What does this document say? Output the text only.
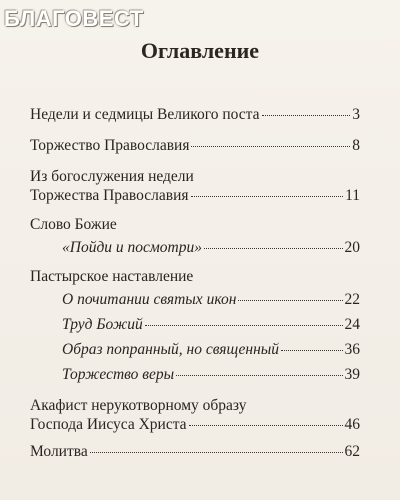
БЛАГОВЕСТ
Оглавление
Недели и седмицы Великого поста	3
Торжество Православия	8
Из богослужения недели
Торжества Православия	11
Слово Божие
«Пойди и посмотри»	20
Пастырское наставление
О почитании святых икон	22
Труд Божий	24
Образ попранный, но священный	36
Торжество веры	39
Акафист нерукотворному образу
Господа Иисуса Христа	46
Молитва	62
